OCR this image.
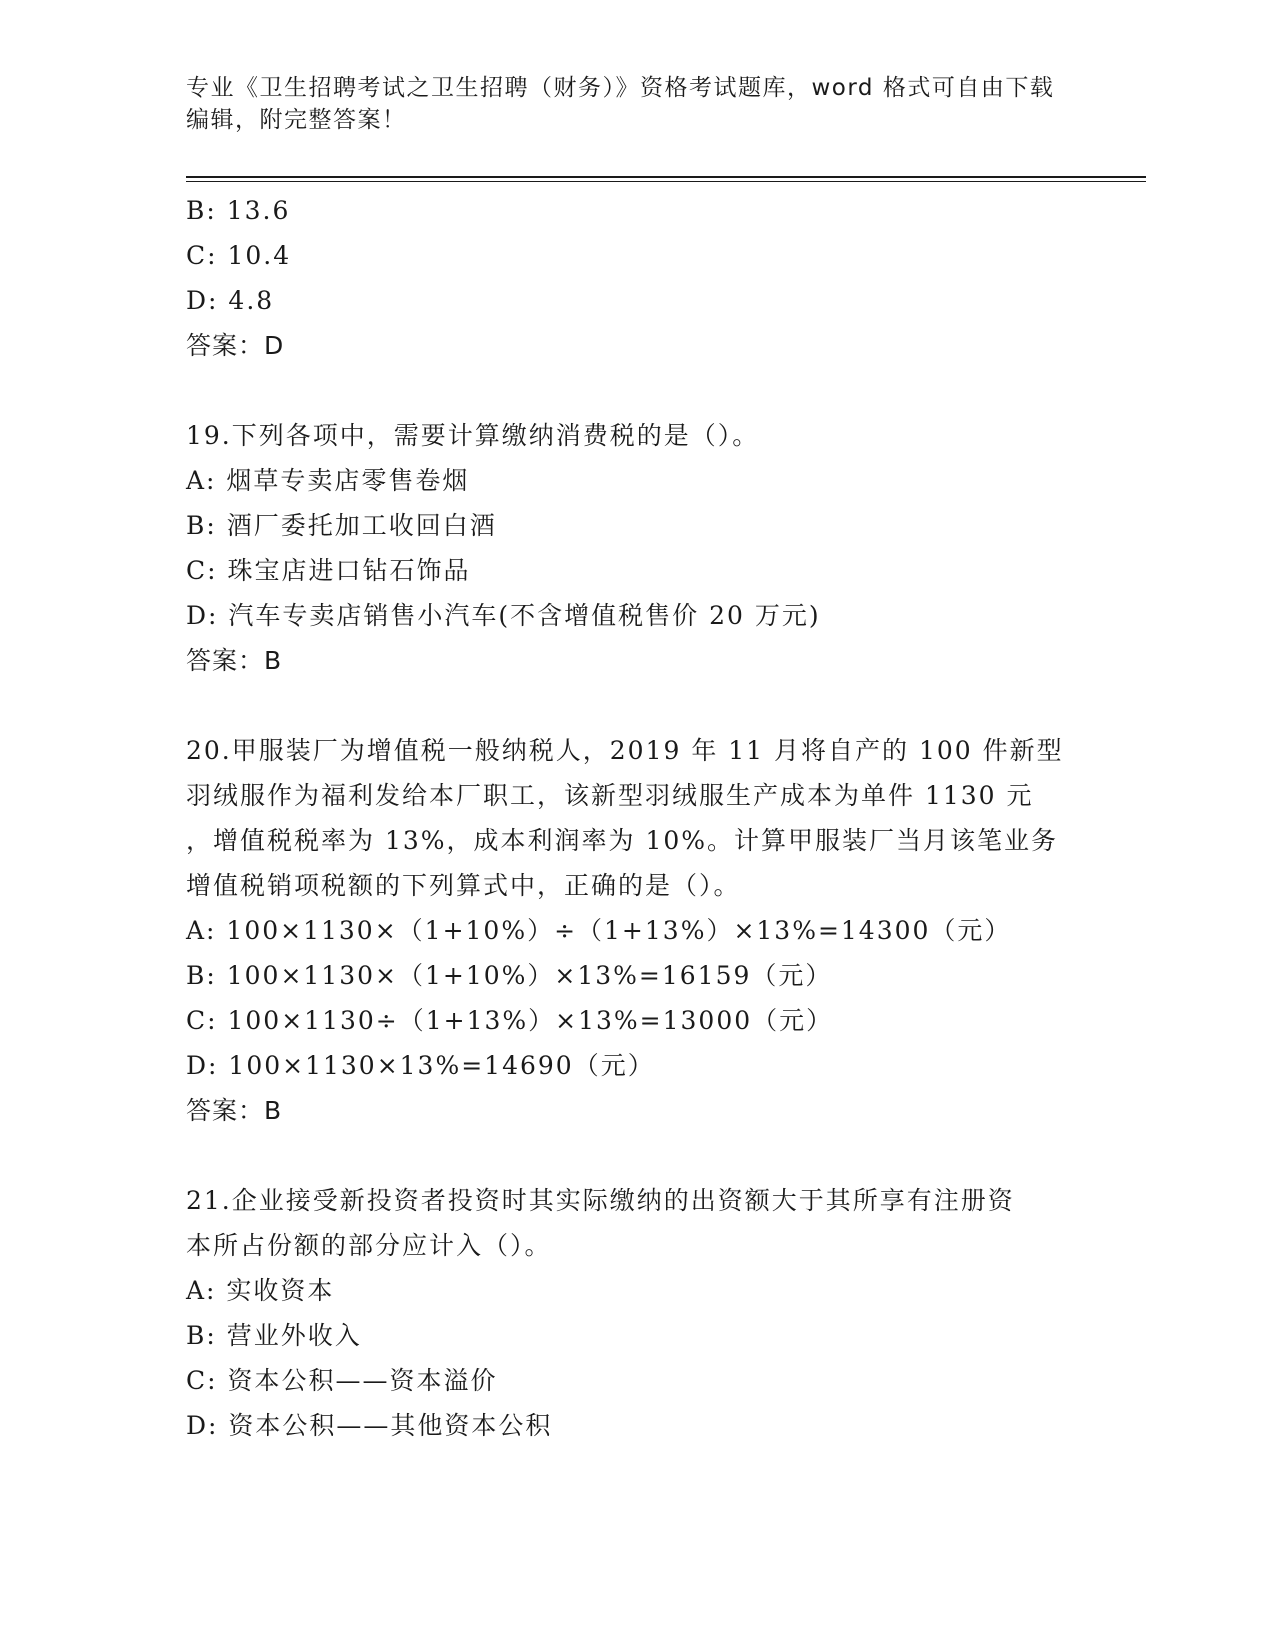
专业《卫生招聘考试之卫生招聘（财务）》资格考试题库，word 格式可自由下载
编辑，附完整答案！
B: 13.6
C: 10.4
D: 4.8
答案：D
19.下列各项中，需要计算缴纳消费税的是（）。
A: 烟草专卖店零售卷烟
B: 酒厂委托加工收回白酒
C: 珠宝店进口钻石饰品
D: 汽车专卖店销售小汽车(不含增值税售价 20 万元)
答案：B
20.甲服装厂为增值税一般纳税人，2019 年 11 月将自产的 100 件新型
羽绒服作为福利发给本厂职工，该新型羽绒服生产成本为单件 1130 元
，增值税税率为 13%，成本利润率为 10%。计算甲服装厂当月该笔业务
增值税销项税额的下列算式中，正确的是（）。
A: 100×1130×（1+10%）÷（1+13%）×13%=14300（元）
B: 100×1130×（1+10%）×13%=16159（元）
C: 100×1130÷（1+13%）×13%=13000（元）
D: 100×1130×13%=14690（元）
答案：B
21.企业接受新投资者投资时其实际缴纳的出资额大于其所享有注册资
本所占份额的部分应计入（）。
A: 实收资本
B: 营业外收入
C: 资本公积——资本溢价
D: 资本公积——其他资本公积
